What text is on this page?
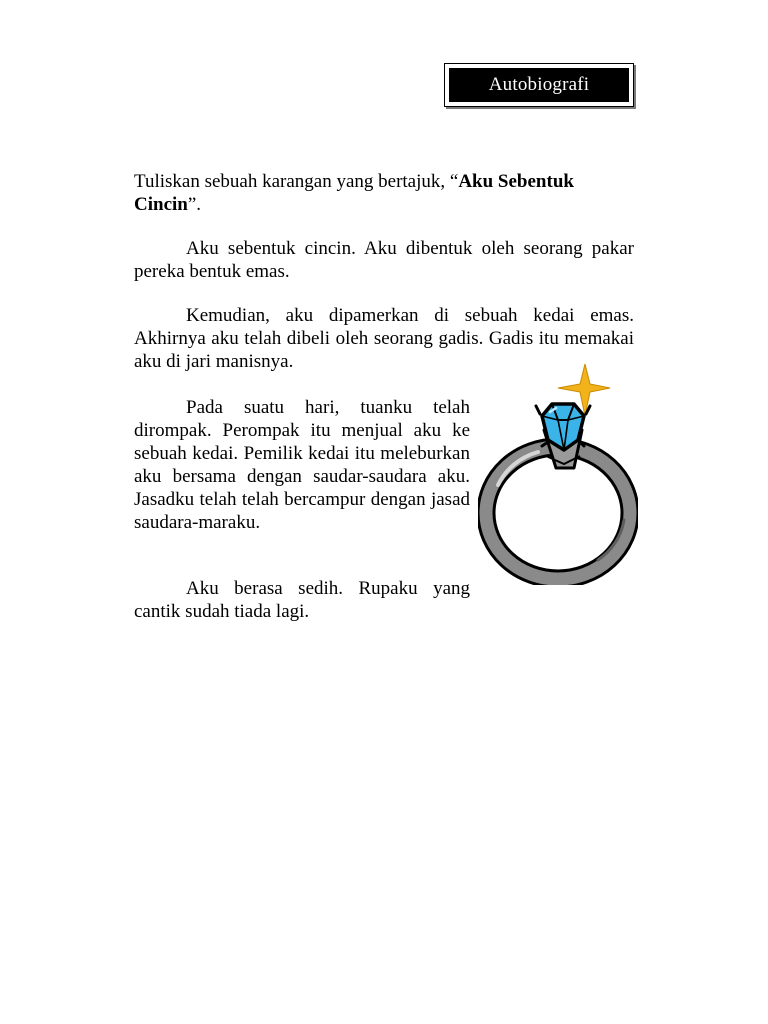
Autobiografi

Tuliskan sebuah karangan yang bertajuk, “Aku Sebentuk Cincin”.

Aku sebentuk cincin. Aku dibentuk oleh seorang pakar pereka bentuk emas.

Kemudian, aku dipamerkan di sebuah kedai emas. Akhirnya aku telah dibeli oleh seorang gadis. Gadis itu memakai aku di jari manisnya.

Pada suatu hari, tuanku telah dirompak. Perompak itu menjual aku ke sebuah kedai. Pemilik kedai itu meleburkan aku bersama dengan saudar-saudara aku. Jasadku telah telah bercampur dengan jasad saudara-maraku.

Aku berasa sedih. Rupaku yang cantik sudah tiada lagi.
